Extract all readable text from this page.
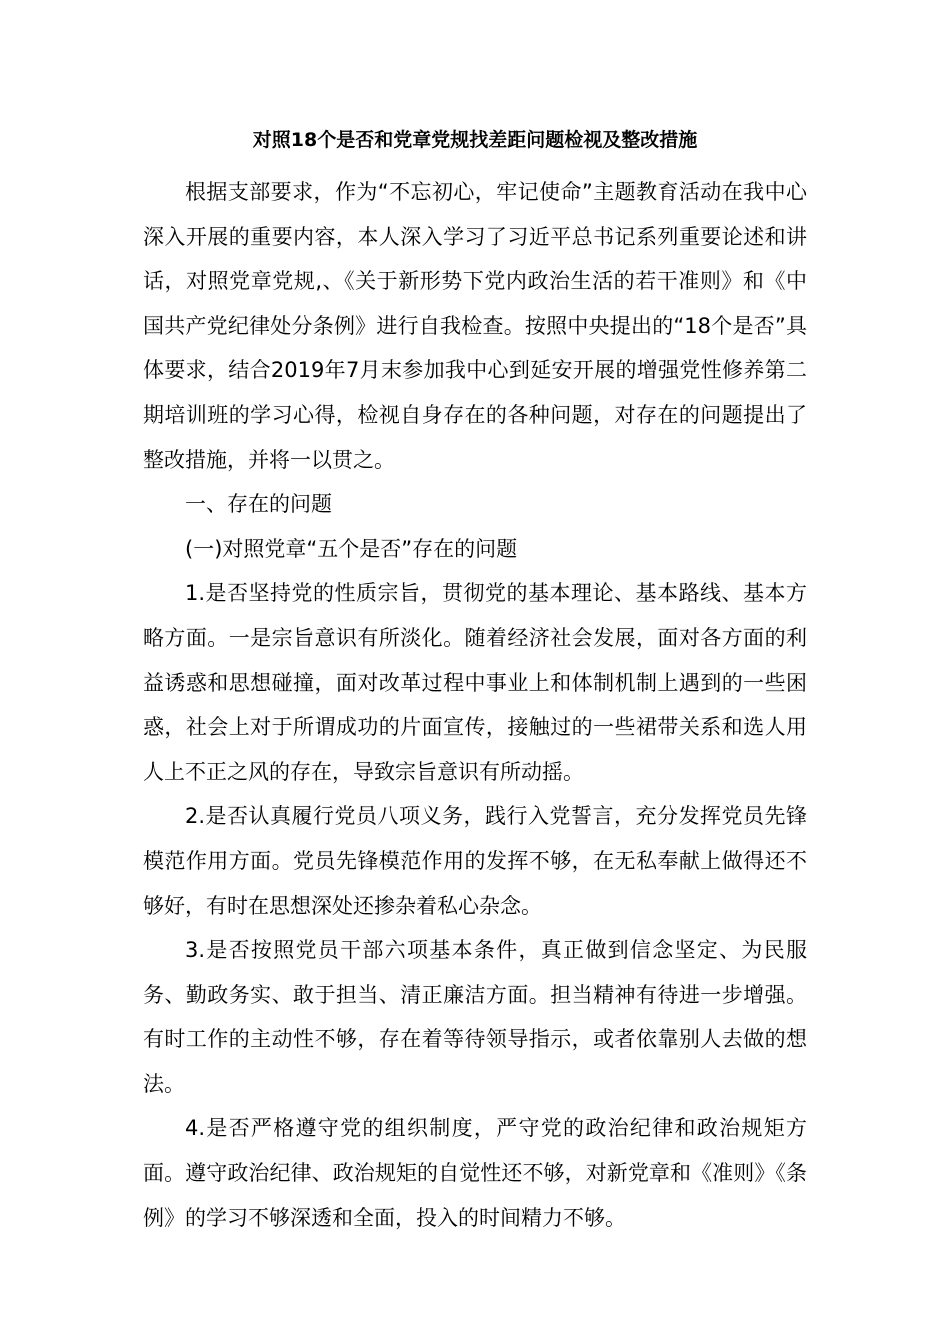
对照18个是否和党章党规找差距问题检视及整改措施

根据支部要求，作为“不忘初心，牢记使命”主题教育活动在我中心深入开展的重要内容，本人深入学习了习近平总书记系列重要论述和讲话，对照党章党规,、《关于新形势下党内政治生活的若干准则》和《中国共产党纪律处分条例》进行自我检查。按照中央提出的“18个是否”具体要求，结合2019年7月末参加我中心到延安开展的增强党性修养第二期培训班的学习心得，检视自身存在的各种问题，对存在的问题提出了整改措施，并将一以贯之。

一、存在的问题

(一)对照党章“五个是否”存在的问题

1.是否坚持党的性质宗旨，贯彻党的基本理论、基本路线、基本方略方面。一是宗旨意识有所淡化。随着经济社会发展，面对各方面的利益诱惑和思想碰撞，面对改革过程中事业上和体制机制上遇到的一些困惑，社会上对于所谓成功的片面宣传，接触过的一些裙带关系和选人用人上不正之风的存在，导致宗旨意识有所动摇。

2.是否认真履行党员八项义务，践行入党誓言，充分发挥党员先锋模范作用方面。党员先锋模范作用的发挥不够，在无私奉献上做得还不够好，有时在思想深处还掺杂着私心杂念。

3.是否按照党员干部六项基本条件，真正做到信念坚定、为民服务、勤政务实、敢于担当、清正廉洁方面。担当精神有待进一步增强。有时工作的主动性不够，存在着等待领导指示，或者依靠别人去做的想法。

4.是否严格遵守党的组织制度，严守党的政治纪律和政治规矩方面。遵守政治纪律、政治规矩的自觉性还不够，对新党章和《准则》《条例》的学习不够深透和全面，投入的时间精力不够。
